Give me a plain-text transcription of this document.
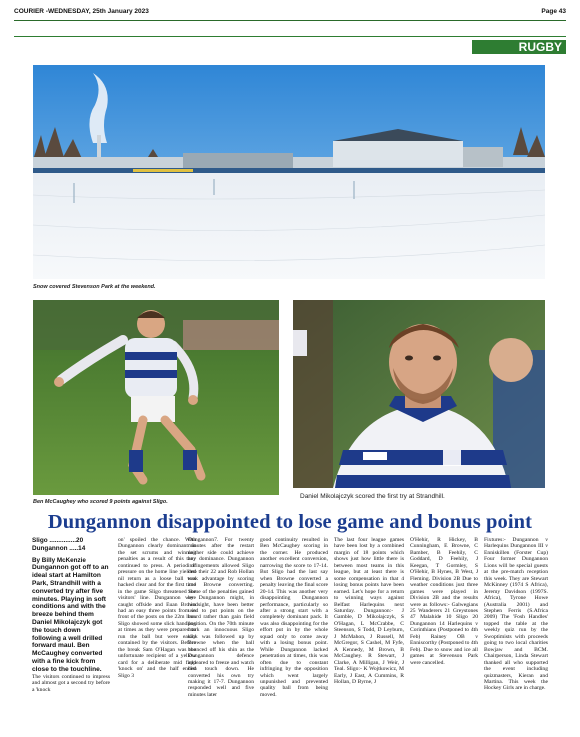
COURIER -WEDNESDAY, 25th January 2023	Page 43
RUGBY
Snow covered Stevenson Park at the weekend.
Ben McCaughey who scored 9 points against Sligo.
Daniel Mikolajczyk scored the first try at Strandhill.
Dungannon disappointed to lose game and bonus point
Sligo ...............20
Dungannon .....14
By Billy McKenzie
Dungannon got off to an ideal start at Hamilton Park, Strandhill with a converted try after five minutes. Playing in soft conditions and with the breeze behind them Daniel Mikolajczyk got the touch down following a well drilled forward maul. Ben McCaughey converted with a fine kick from close to the touchline.

The visitors continued to impress and almost got a second try before a 'knock

on' spoiled the chance. With Dungannon clearly dominant in the set scrums and winning penalties as a result of this they continued to press. A period of pressure on the home line yielded nil return as a loose ball was hacked clear and for the first time in the game Sligo threatened the visitors' line. Dungannon were caught offside and Euan Brown had an easy three points from in front of the posts on the 22m line. Sligo showed some slick handling at times as they were prepared to run the ball but were easily contained by the visitors. Before the break Sam O'Hagan was the unfortunate recipient of a yellow card for a deliberate mid field 'knock on' and the half ended Sligo 3

Dungannon7. For twenty minutes after the restart neither side could achieve any dominance. Dungannon infringements allowed Sligo into their 22 and Rob Hollan took advantage by scoring and Browne converting. Some of the penalties gained by Dungannon might, in hindsight, have been better used to put points on the board rather than gain field position. On the 70th minute mark an innocuous Sligo kick was followed up by Browne when the ball bounced off his shin as the Dungannon defence appeared to freeze and watch him touch down. He converted his own try making it 17-7. Dungannon responded well and five minutes later

good continuity resulted in Ben McCaughey scoring in the corner. He produced another excellent conversion, narrowing the score to 17-14. But Sligo had the last say when Browne converted a penalty leaving the final score 20-14. This was another very disappointing Dungannon performance, particularly so after a strong start with a completely dominant pack. It was also disappointing for the effort put in by the whole squad only to come away with a losing bonus point. While Dungannon lacked penetration at times, this was often due to constant infringing by the opposition which went largely unpunished and prevented quality ball from being moved.

The last four league games have been lost by a combined margin of 18 points which shows just how little there is between most teams in this league, but at least there is some compensation in that 4 losing bonus points have been earned. Let's hope for a return to winning ways against Belfast Harlequins next Saturday. Dungannon:- J Gamble, D Mikolajczyk, S O'Hagan, L McCrabbe, C Steenson, S Todd, D Leyburn, J McMahon, J Russell, M McGregor, S Cashel, M Fyfe, A Kennedy, M Brown, B McCaughey. R Stewart, J Clarke, A Milligan, J Weir, J Teal. Sligo:- K Wojtkowicz, M Early, J East, A Cummins, R Hollan, D Byrne, J

O'Hehir, R Hickey, B Cunningham, E Browne, C Bamber, B Feehily, C Goddard, D Feehily, J Keegan, T Gormley, S O'Hehir, B Hynes, B West, J Fleming. Division 2B Due to weather conditions just three games were played in Division 2B and the results were as follows:- Galwegians 25 Wanderers 21 Greystones 47 Malahide 10 Sligo 20 Dungannon 14 Harlequins v Corinthians (Postponed to 4th Feb) Rainey OB v Enniscorthy (Postponed to 4th Feb). Due to snow and ice all games at Stevenson Park were cancelled.

Fixtures:- Dungannon v Harlequins Dungannon III v Enniskillen (Forster Cup) Four former Dungannon Lions will be special guests at the pre-match reception this week. They are Stewart McKinney (1974 S Africa), Jeremy Davidson (1997S. Africa), Tyrone Howe (Australia 2001) and Stephen Ferris (S.Africa 2009) The 'Fosh Handles' topped the table at the weekly quiz run by the Swoptimists with proceeds going to two local charities Bowjaw and BCM. Chairperson, Linda Stewart thanked all who supported the event including quizmasters, Kieran and Martina. This week the Hockey Girls are in charge.
